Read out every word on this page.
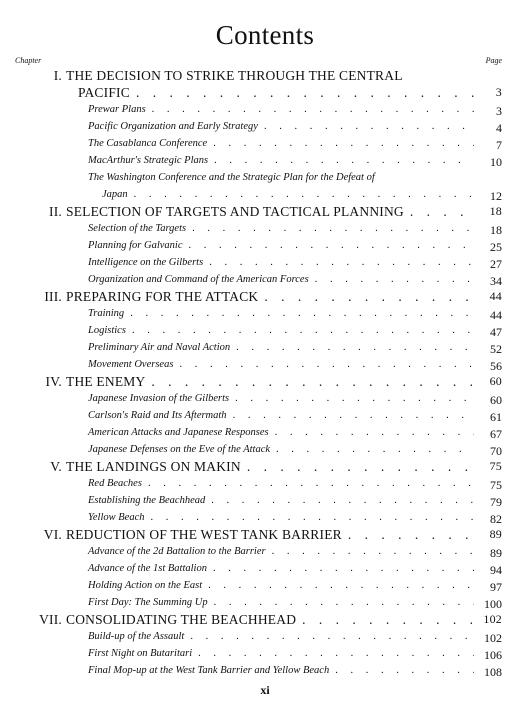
Contents
Chapter	Page
I. THE DECISION TO STRIKE THROUGH THE CENTRAL
PACIFIC . . .	3
Prewar Plans . . .	3
Pacific Organization and Early Strategy . . .	4
The Casablanca Conference . . .	7
MacArthur's Strategic Plans . . .	10
The Washington Conference and the Strategic Plan for the Defeat of
Japan . . .	12
II. SELECTION OF TARGETS AND TACTICAL PLANNING . . .	18
Selection of the Targets . . .	18
Planning for Galvanic . . .	25
Intelligence on the Gilberts . . .	27
Organization and Command of the American Forces . . .	34
III. PREPARING FOR THE ATTACK . . .	44
Training . . .	44
Logistics . . .	47
Preliminary Air and Naval Action . . .	52
Movement Overseas . . .	56
IV. THE ENEMY . . .	60
Japanese Invasion of the Gilberts . . .	60
Carlson's Raid and Its Aftermath . . .	61
American Attacks and Japanese Responses . . .	67
Japanese Defenses on the Eve of the Attack . . .	70
V. THE LANDINGS ON MAKIN . . .	75
Red Beaches . . .	75
Establishing the Beachhead . . .	79
Yellow Beach . . .	82
VI. REDUCTION OF THE WEST TANK BARRIER . . .	89
Advance of the 2d Battalion to the Barrier . . .	89
Advance of the 1st Battalion . . .	94
Holding Action on the East . . .	97
First Day: The Summing Up . . .	100
VII. CONSOLIDATING THE BEACHHEAD . . .	102
Build-up of the Assault . . .	102
First Night on Butaritari . . .	106
Final Mop-up at the West Tank Barrier and Yellow Beach . . .	108
xi
